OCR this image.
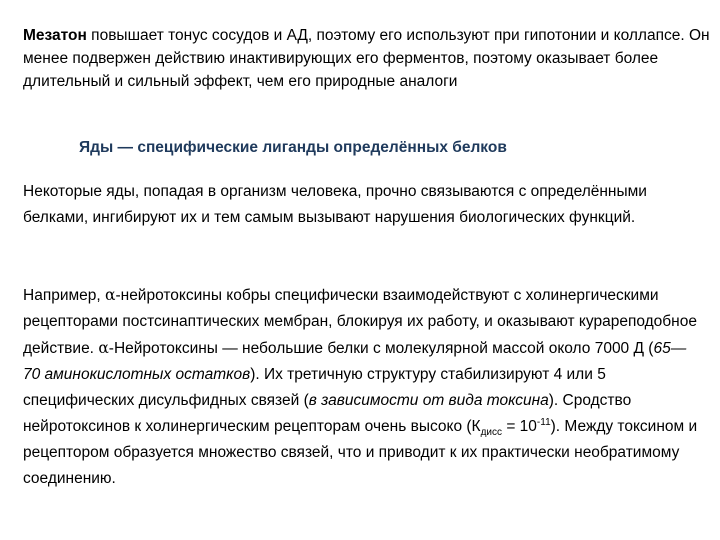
Мезатон повышает тонус сосудов и АД, поэтому его используют при гипотонии и коллапсе. Он менее подвержен действию инактивирующих его ферментов, поэтому оказывает более длительный и сильный эффект, чем его природные аналоги

Яды — специфические лиганды определённых белков

Некоторые яды, попадая в организм человека, прочно связываются с определёнными белками, ингибируют их и тем самым вызывают нарушения биологических функций.

Например, α-нейротоксины кобры специфически взаимодействуют с холинергическими рецепторами постсинаптических мембран, блокируя их работу, и оказывают курареподобное действие. α-Нейротоксины — небольшие белки с молекулярной массой около 7000 Д (65—70 аминокислотных остатков). Их третичную структуру стабилизируют 4 или 5 специфических дисульфидных связей (в зависимости от вида токсина). Сродство нейротоксинов к холинергическим рецепторам очень высоко $(К_{дисс} = 10^{-11})$. Между токсином и рецептором образуется множество связей, что и приводит к их практически необратимому соединению.
